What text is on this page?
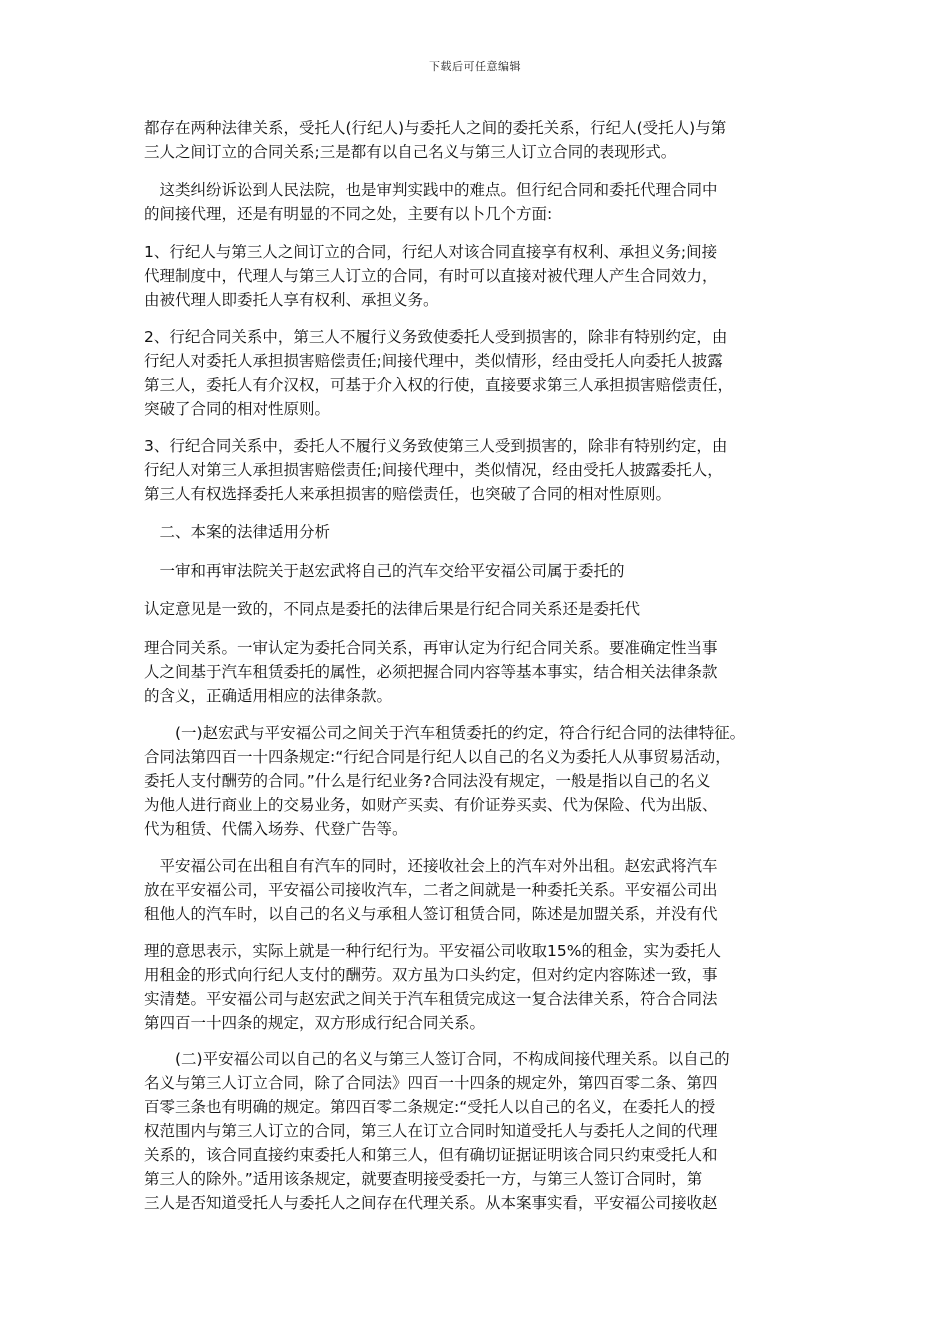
下载后可任意编辑
都存在两种法律关系，受托人(行纪人)与委托人之间的委托关系，行纪人(受托人)与第
三人之间订立的合同关系;三是都有以自己名义与第三人订立合同的表现形式。
　这类纠纷诉讼到人民法院，也是审判实践中的难点。但行纪合同和委托代理合同中
的间接代理，还是有明显的不同之处，主要有以卜几个方面:
1、行纪人与第三人之间订立的合同，行纪人对该合同直接享有权利、承担义务;间接
代理制度中，代理人与第三人订立的合同，有时可以直接对被代理人产生合同效力，
由被代理人即委托人享有权利、承担义务。
2、行纪合同关系中，第三人不履行义务致使委托人受到损害的，除非有特别约定，由
行纪人对委托人承担损害赔偿责任;间接代理中，类似情形，经由受托人向委托人披露
第三人，委托人有介汉权，可基于介入权的行使，直接要求第三人承担损害赔偿责任，
突破了合同的相对性原则。
3、行纪合同关系中，委托人不履行义务致使第三人受到损害的，除非有特别约定，由
行纪人对第三人承担损害赔偿责任;间接代理中，类似情况，经由受托人披露委托人，
第三人有权选择委托人来承担损害的赔偿责任，也突破了合同的相对性原则。
　二、本案的法律适用分析
　一审和再审法院关于赵宏武将自己的汽车交给平安福公司属于委托的
认定意见是一致的，不同点是委托的法律后果是行纪合同关系还是委托代
理合同关系。一审认定为委托合同关系，再审认定为行纪合同关系。要准确定性当事
人之间基于汽车租赁委托的属性，必须把握合同内容等基本事实，结合相关法律条款
的含义，正确适用相应的法律条款。
　　(一)赵宏武与平安福公司之间关于汽车租赁委托的约定，符合行纪合同的法律特征。
合同法第四百一十四条规定:“行纪合同是行纪人以自己的名义为委托人从事贸易活动，
委托人支付酬劳的合同。”什么是行纪业务?合同法没有规定，一般是指以自己的名义
为他人进行商业上的交易业务，如财产买卖、有价证券买卖、代为保险、代为出版、
代为租赁、代儒入场券、代登广告等。
　平安福公司在出租自有汽车的同时，还接收社会上的汽车对外出租。赵宏武将汽车
放在平安福公司，平安福公司接收汽车，二者之间就是一种委托关系。平安福公司出
租他人的汽车时，以自己的名义与承租人签订租赁合同，陈述是加盟关系，并没有代
理的意思表示，实际上就是一种行纪行为。平安福公司收取15%的租金，实为委托人
用租金的形式向行纪人支付的酬劳。双方虽为口头约定，但对约定内容陈述一致，事
实清楚。平安福公司与赵宏武之间关于汽车租赁完成这一复合法律关系，符合合同法
第四百一十四条的规定，双方形成行纪合同关系。
　　(二)平安福公司以自己的名义与第三人签订合同，不构成间接代理关系。以自己的
名义与第三人订立合同，除了合同法》四百一十四条的规定外，第四百零二条、第四
百零三条也有明确的规定。第四百零二条规定:“受托人以自己的名义，在委托人的授
权范围内与第三人订立的合同，第三人在订立合同时知道受托人与委托人之间的代理
关系的，该合同直接约束委托人和第三人，但有确切证据证明该合同只约束受托人和
第三人的除外。”适用该条规定，就要查明接受委托一方，与第三人签订合同时，第
三人是否知道受托人与委托人之间存在代理关系。从本案事实看，平安福公司接收赵
